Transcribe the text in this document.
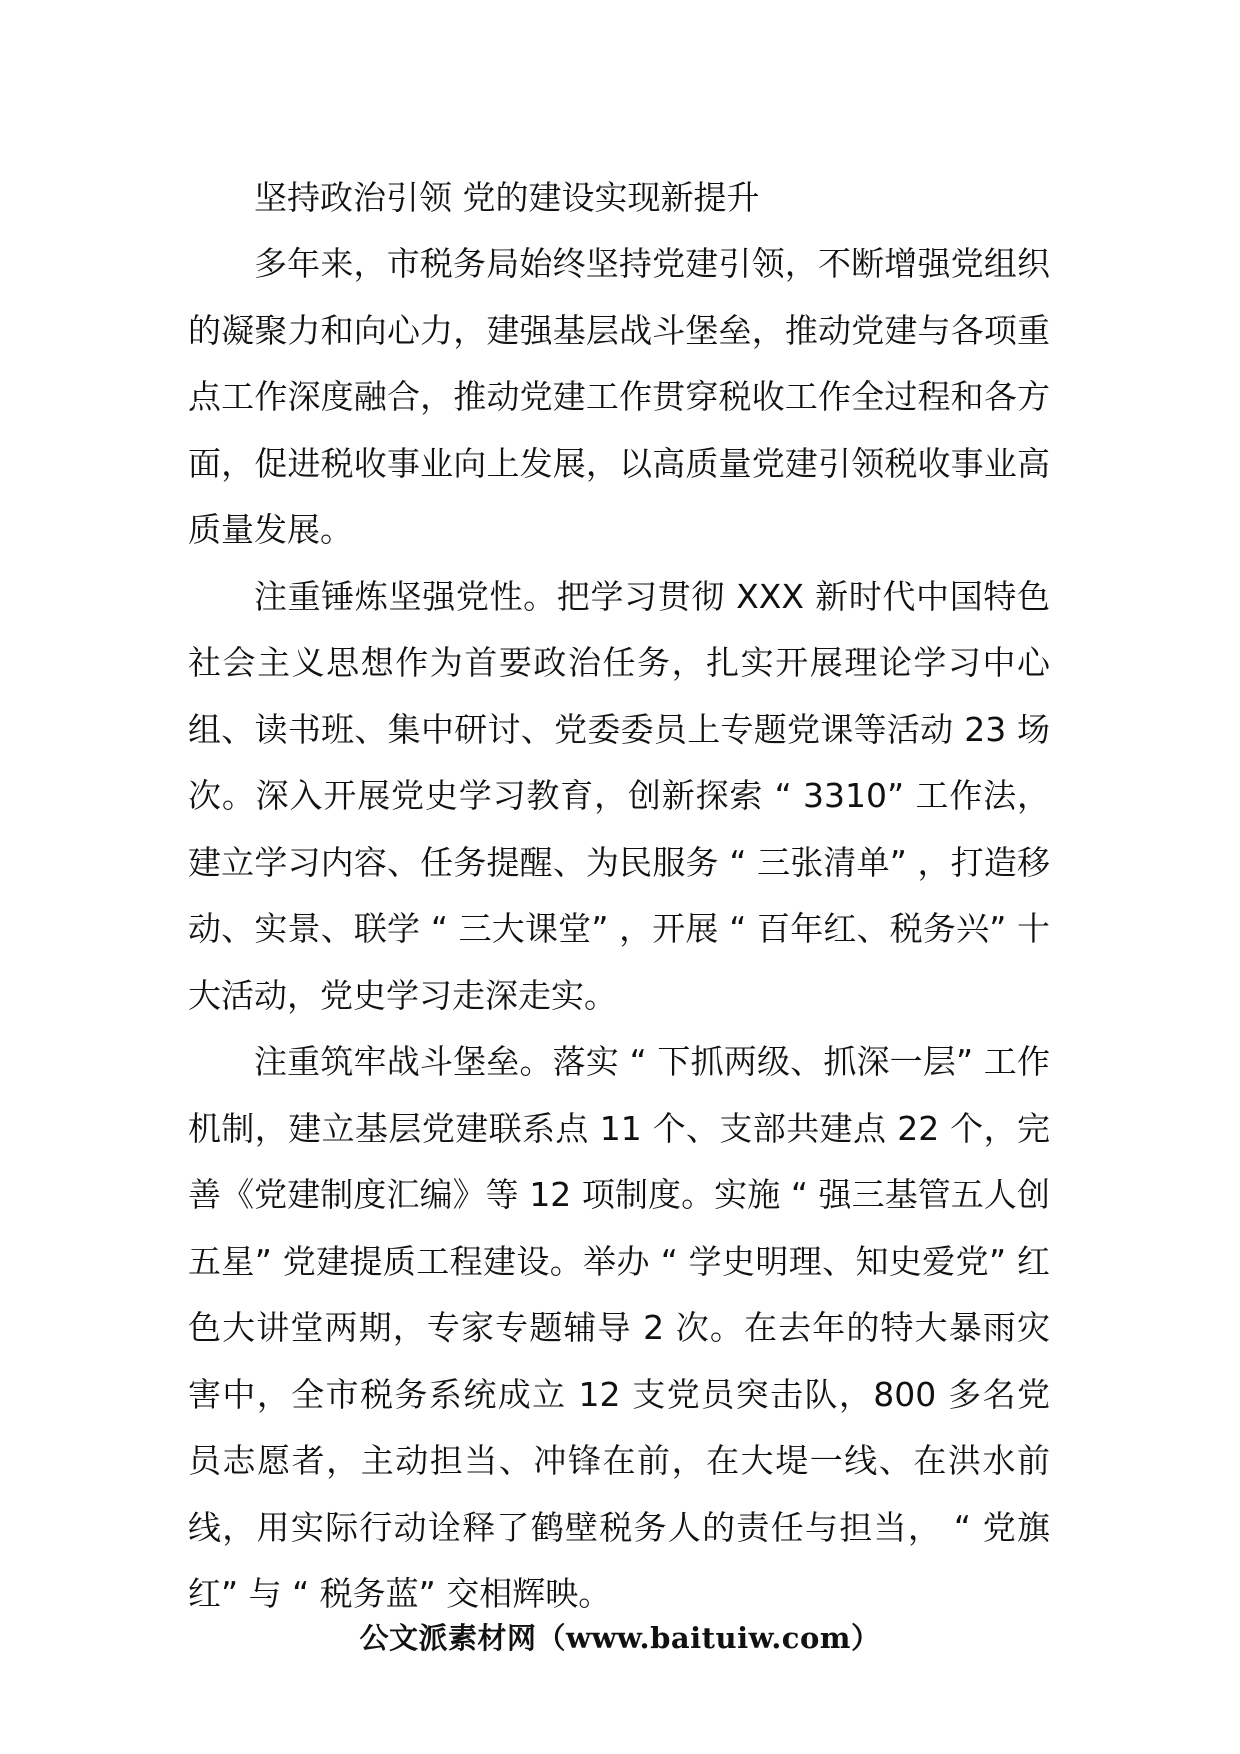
坚持政治引领 党的建设实现新提升

多年来，市税务局始终坚持党建引领，不断增强党组织的凝聚力和向心力，建强基层战斗堡垒，推动党建与各项重点工作深度融合，推动党建工作贯穿税收工作全过程和各方面，促进税收事业向上发展，以高质量党建引领税收事业高质量发展。

注重锤炼坚强党性。把学习贯彻 XXX 新时代中国特色社会主义思想作为首要政治任务，扎实开展理论学习中心组、读书班、集中研讨、党委委员上专题党课等活动 23 场次。深入开展党史学习教育，创新探索 “ 3310” 工作法，建立学习内容、任务提醒、为民服务 “ 三张清单” ，打造移动、实景、联学 “ 三大课堂” ，开展 “ 百年红、税务兴” 十大活动，党史学习走深走实。

注重筑牢战斗堡垒。落实 “ 下抓两级、抓深一层” 工作机制，建立基层党建联系点 11 个、支部共建点 22 个，完善《党建制度汇编》等 12 项制度。实施 “ 强三基管五人创五星” 党建提质工程建设。举办 “ 学史明理、知史爱党” 红色大讲堂两期，专家专题辅导 2 次。在去年的特大暴雨灾害中，全市税务系统成立 12 支党员突击队，800 多名党员志愿者，主动担当、冲锋在前，在大堤一线、在洪水前线，用实际行动诠释了鹤壁税务人的责任与担当， “ 党旗红” 与 “ 税务蓝” 交相辉映。

公文派素材网（www.baituiw.com）
